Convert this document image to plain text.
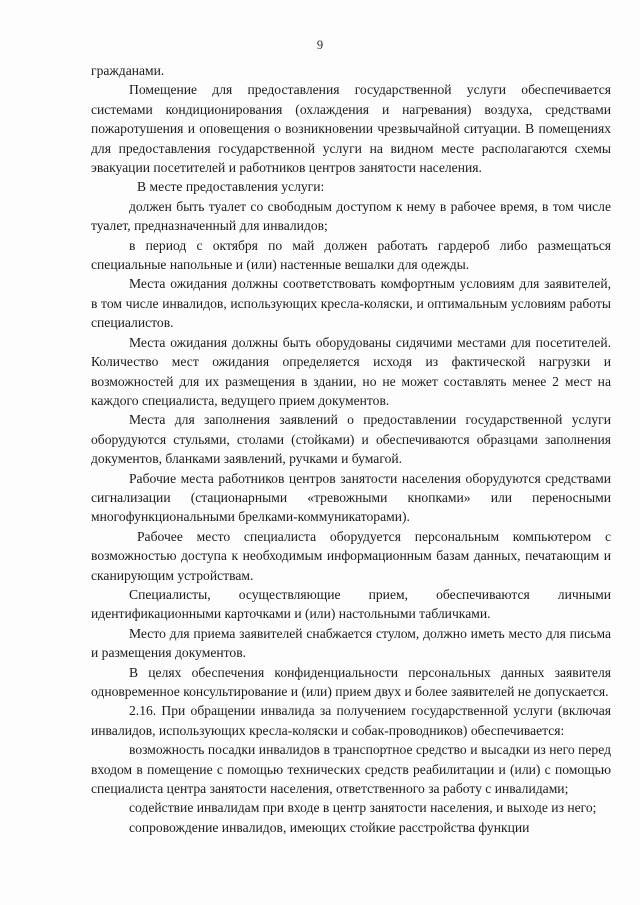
9

гражданами.

Помещение для предоставления государственной услуги обеспечивается системами кондиционирования (охлаждения и нагревания) воздуха, средствами пожаротушения и оповещения о возникновении чрезвычайной ситуации. В помещениях для предоставления государственной услуги на видном месте располагаются схемы эвакуации посетителей и работников центров занятости населения.

В месте предоставления услуги:

должен быть туалет со свободным доступом к нему в рабочее время, в том числе туалет, предназначенный для инвалидов;

в период с октября по май должен работать гардероб либо размещаться специальные напольные и (или) настенные вешалки для одежды.

Места ожидания должны соответствовать комфортным условиям для заявителей, в том числе инвалидов, использующих кресла-коляски, и оптимальным условиям работы специалистов.

Места ожидания должны быть оборудованы сидячими местами для посетителей. Количество мест ожидания определяется исходя из фактической нагрузки и возможностей для их размещения в здании, но не может составлять менее 2 мест на каждого специалиста, ведущего прием документов.

Места для заполнения заявлений о предоставлении государственной услуги оборудуются стульями, столами (стойками) и обеспечиваются образцами заполнения документов, бланками заявлений, ручками и бумагой.

Рабочие места работников центров занятости населения оборудуются средствами сигнализации (стационарными «тревожными кнопками» или переносными многофункциональными брелками-коммуникаторами).

Рабочее место специалиста оборудуется персональным компьютером с возможностью доступа к необходимым информационным базам данных, печатающим и сканирующим устройствам.

Специалисты, осуществляющие прием, обеспечиваются личными идентификационными карточками и (или) настольными табличками.

Место для приема заявителей снабжается стулом, должно иметь место для письма и размещения документов.

В целях обеспечения конфиденциальности персональных данных заявителя одновременное консультирование и (или) прием двух и более заявителей не допускается.

2.16. При обращении инвалида за получением государственной услуги (включая инвалидов, использующих кресла-коляски и собак-проводников) обеспечивается:

возможность посадки инвалидов в транспортное средство и высадки из него перед входом в помещение с помощью технических средств реабилитации и (или) с помощью специалиста центра занятости населения, ответственного за работу с инвалидами;

содействие инвалидам при входе в центр занятости населения, и выходе из него;

сопровождение инвалидов, имеющих стойкие расстройства функции
